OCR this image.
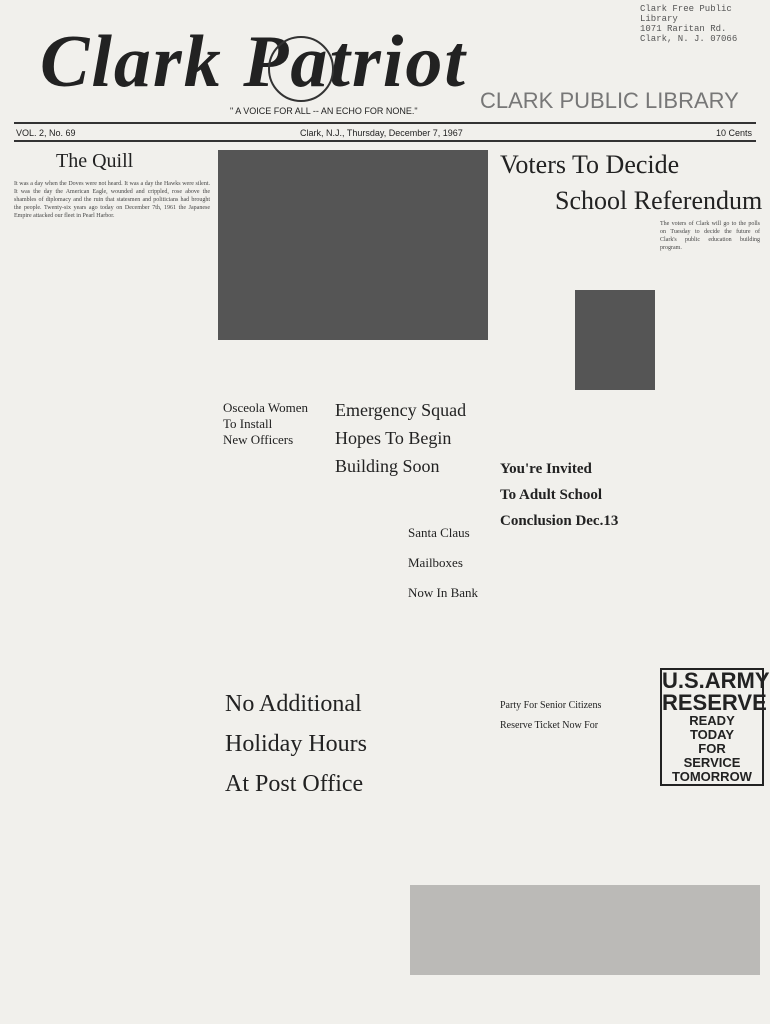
Clark Free Public Library
1071 Raritan Rd.
Clark, N. J. 07066
Clark Patriot
" A VOICE FOR ALL -- AN ECHO FOR NONE."	CLARK PUBLIC LIBRARY
VOL. 2, No. 69	Clark, N.J., Thursday, December 7, 1967	10 Cents
The Quill
It was a day when the Doves were not heard. It was a day the Hawks were silent. It was the day the American Eagle, wounded and crippled, rose above the shambles of diplomacy and the ruin that statesmen and politicians had brought the people. Twenty-six years ago today on December 7th, 1961 the Japanese Empire attacked our fleet in Pearl Harbor.
Voters To Decide
School Referendum
The voters of Clark will go to the polls on Tuesday to decide the future of Clark's public education building program.
Osceola Women
To Install
New Officers
Emergency Squad
Hopes To Begin
Building Soon	You're Invited
To Adult School
Conclusion Dec.13
Santa Claus
Mailboxes
Now In Bank
No Additional
Holiday Hours
At Post Office
Party For Senior Citizens
Reserve Ticket Now For
U.S.ARMY
RESERVE
READY
TODAY
FOR
SERVICE
TOMORROW
